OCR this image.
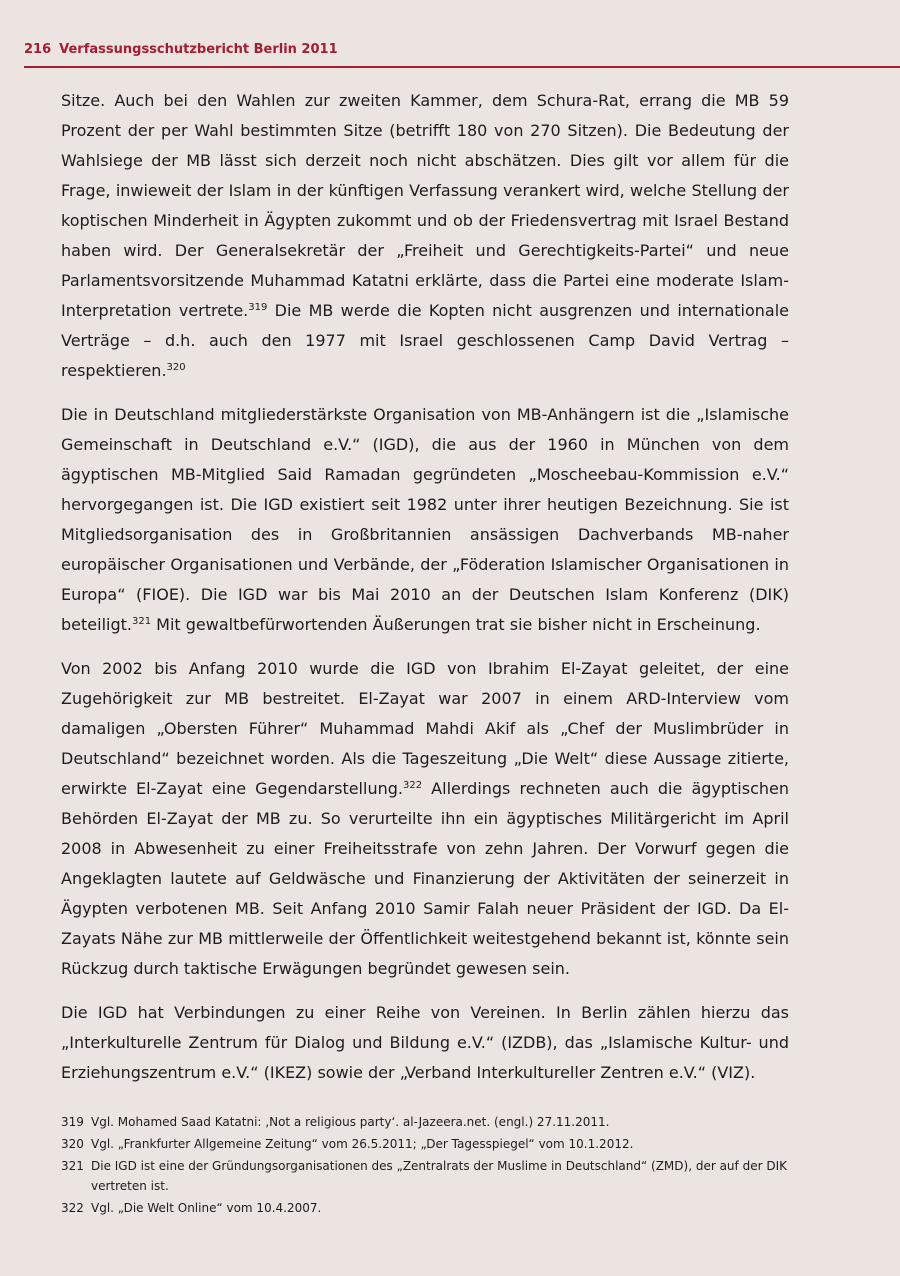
216 Verfassungsschutzbericht Berlin 2011

Sitze. Auch bei den Wahlen zur zweiten Kammer, dem Schura-Rat, errang die MB 59 Prozent der per Wahl bestimmten Sitze (betrifft 180 von 270 Sitzen). Die Bedeutung der Wahlsiege der MB lässt sich derzeit noch nicht abschätzen. Dies gilt vor allem für die Frage, inwieweit der Islam in der künftigen Verfassung verankert wird, welche Stellung der koptischen Minderheit in Ägypten zukommt und ob der Friedensvertrag mit Israel Bestand haben wird. Der Generalsekretär der „Freiheit und Gerechtigkeits-Partei“ und neue Parlamentsvorsitzende Muhammad Katatni erklärte, dass die Partei eine moderate Islam-Interpretation vertrete.$^{319}$ Die MB werde die Kopten nicht ausgrenzen und internationale Verträge – d.h. auch den 1977 mit Israel geschlossenen Camp David Vertrag – respektieren.$^{320}$

Die in Deutschland mitgliederstärkste Organisation von MB-Anhängern ist die „Islamische Gemeinschaft in Deutschland e.V.“ (IGD), die aus der 1960 in München von dem ägyptischen MB-Mitglied Said Ramadan gegründeten „Moscheebau-Kommission e.V.“ hervorgegangen ist. Die IGD existiert seit 1982 unter ihrer heutigen Bezeichnung. Sie ist Mitgliedsorganisation des in Großbritannien ansässigen Dachverbands MB-naher europäischer Organisationen und Verbände, der „Föderation Islamischer Organisationen in Europa“ (FIOE). Die IGD war bis Mai 2010 an der Deutschen Islam Konferenz (DIK) beteiligt.$^{321}$ Mit gewaltbefürwortenden Äußerungen trat sie bisher nicht in Erscheinung.

Von 2002 bis Anfang 2010 wurde die IGD von Ibrahim El-Zayat geleitet, der eine Zugehörigkeit zur MB bestreitet. El-Zayat war 2007 in einem ARD-Interview vom damaligen „Obersten Führer“ Muhammad Mahdi Akif als „Chef der Muslimbrüder in Deutschland“ bezeichnet worden. Als die Tageszeitung „Die Welt“ diese Aussage zitierte, erwirkte El-Zayat eine Gegendarstellung.$^{322}$ Allerdings rechneten auch die ägyptischen Behörden El-Zayat der MB zu. So verurteilte ihn ein ägyptisches Militärgericht im April 2008 in Abwesenheit zu einer Freiheitsstrafe von zehn Jahren. Der Vorwurf gegen die Angeklagten lautete auf Geldwäsche und Finanzierung der Aktivitäten der seinerzeit in Ägypten verbotenen MB. Seit Anfang 2010 Samir Falah neuer Präsident der IGD. Da El-Zayats Nähe zur MB mittlerweile der Öffentlichkeit weitestgehend bekannt ist, könnte sein Rückzug durch taktische Erwägungen begründet gewesen sein.

Die IGD hat Verbindungen zu einer Reihe von Vereinen. In Berlin zählen hierzu das „Interkulturelle Zentrum für Dialog und Bildung e.V.“ (IZDB), das „Islamische Kultur- und Erziehungszentrum e.V.“ (IKEZ) sowie der „Verband Interkultureller Zentren e.V.“ (VIZ).

319 Vgl. Mohamed Saad Katatni: ‚Not a religious party‘. al-Jazeera.net. (engl.) 27.11.2011.
320 Vgl. „Frankfurter Allgemeine Zeitung“ vom 26.5.2011; „Der Tagesspiegel“ vom 10.1.2012.
321 Die IGD ist eine der Gründungsorganisationen des „Zentralrats der Muslime in Deutschland“ (ZMD), der auf der DIK vertreten ist.
322 Vgl. „Die Welt Online“ vom 10.4.2007.
